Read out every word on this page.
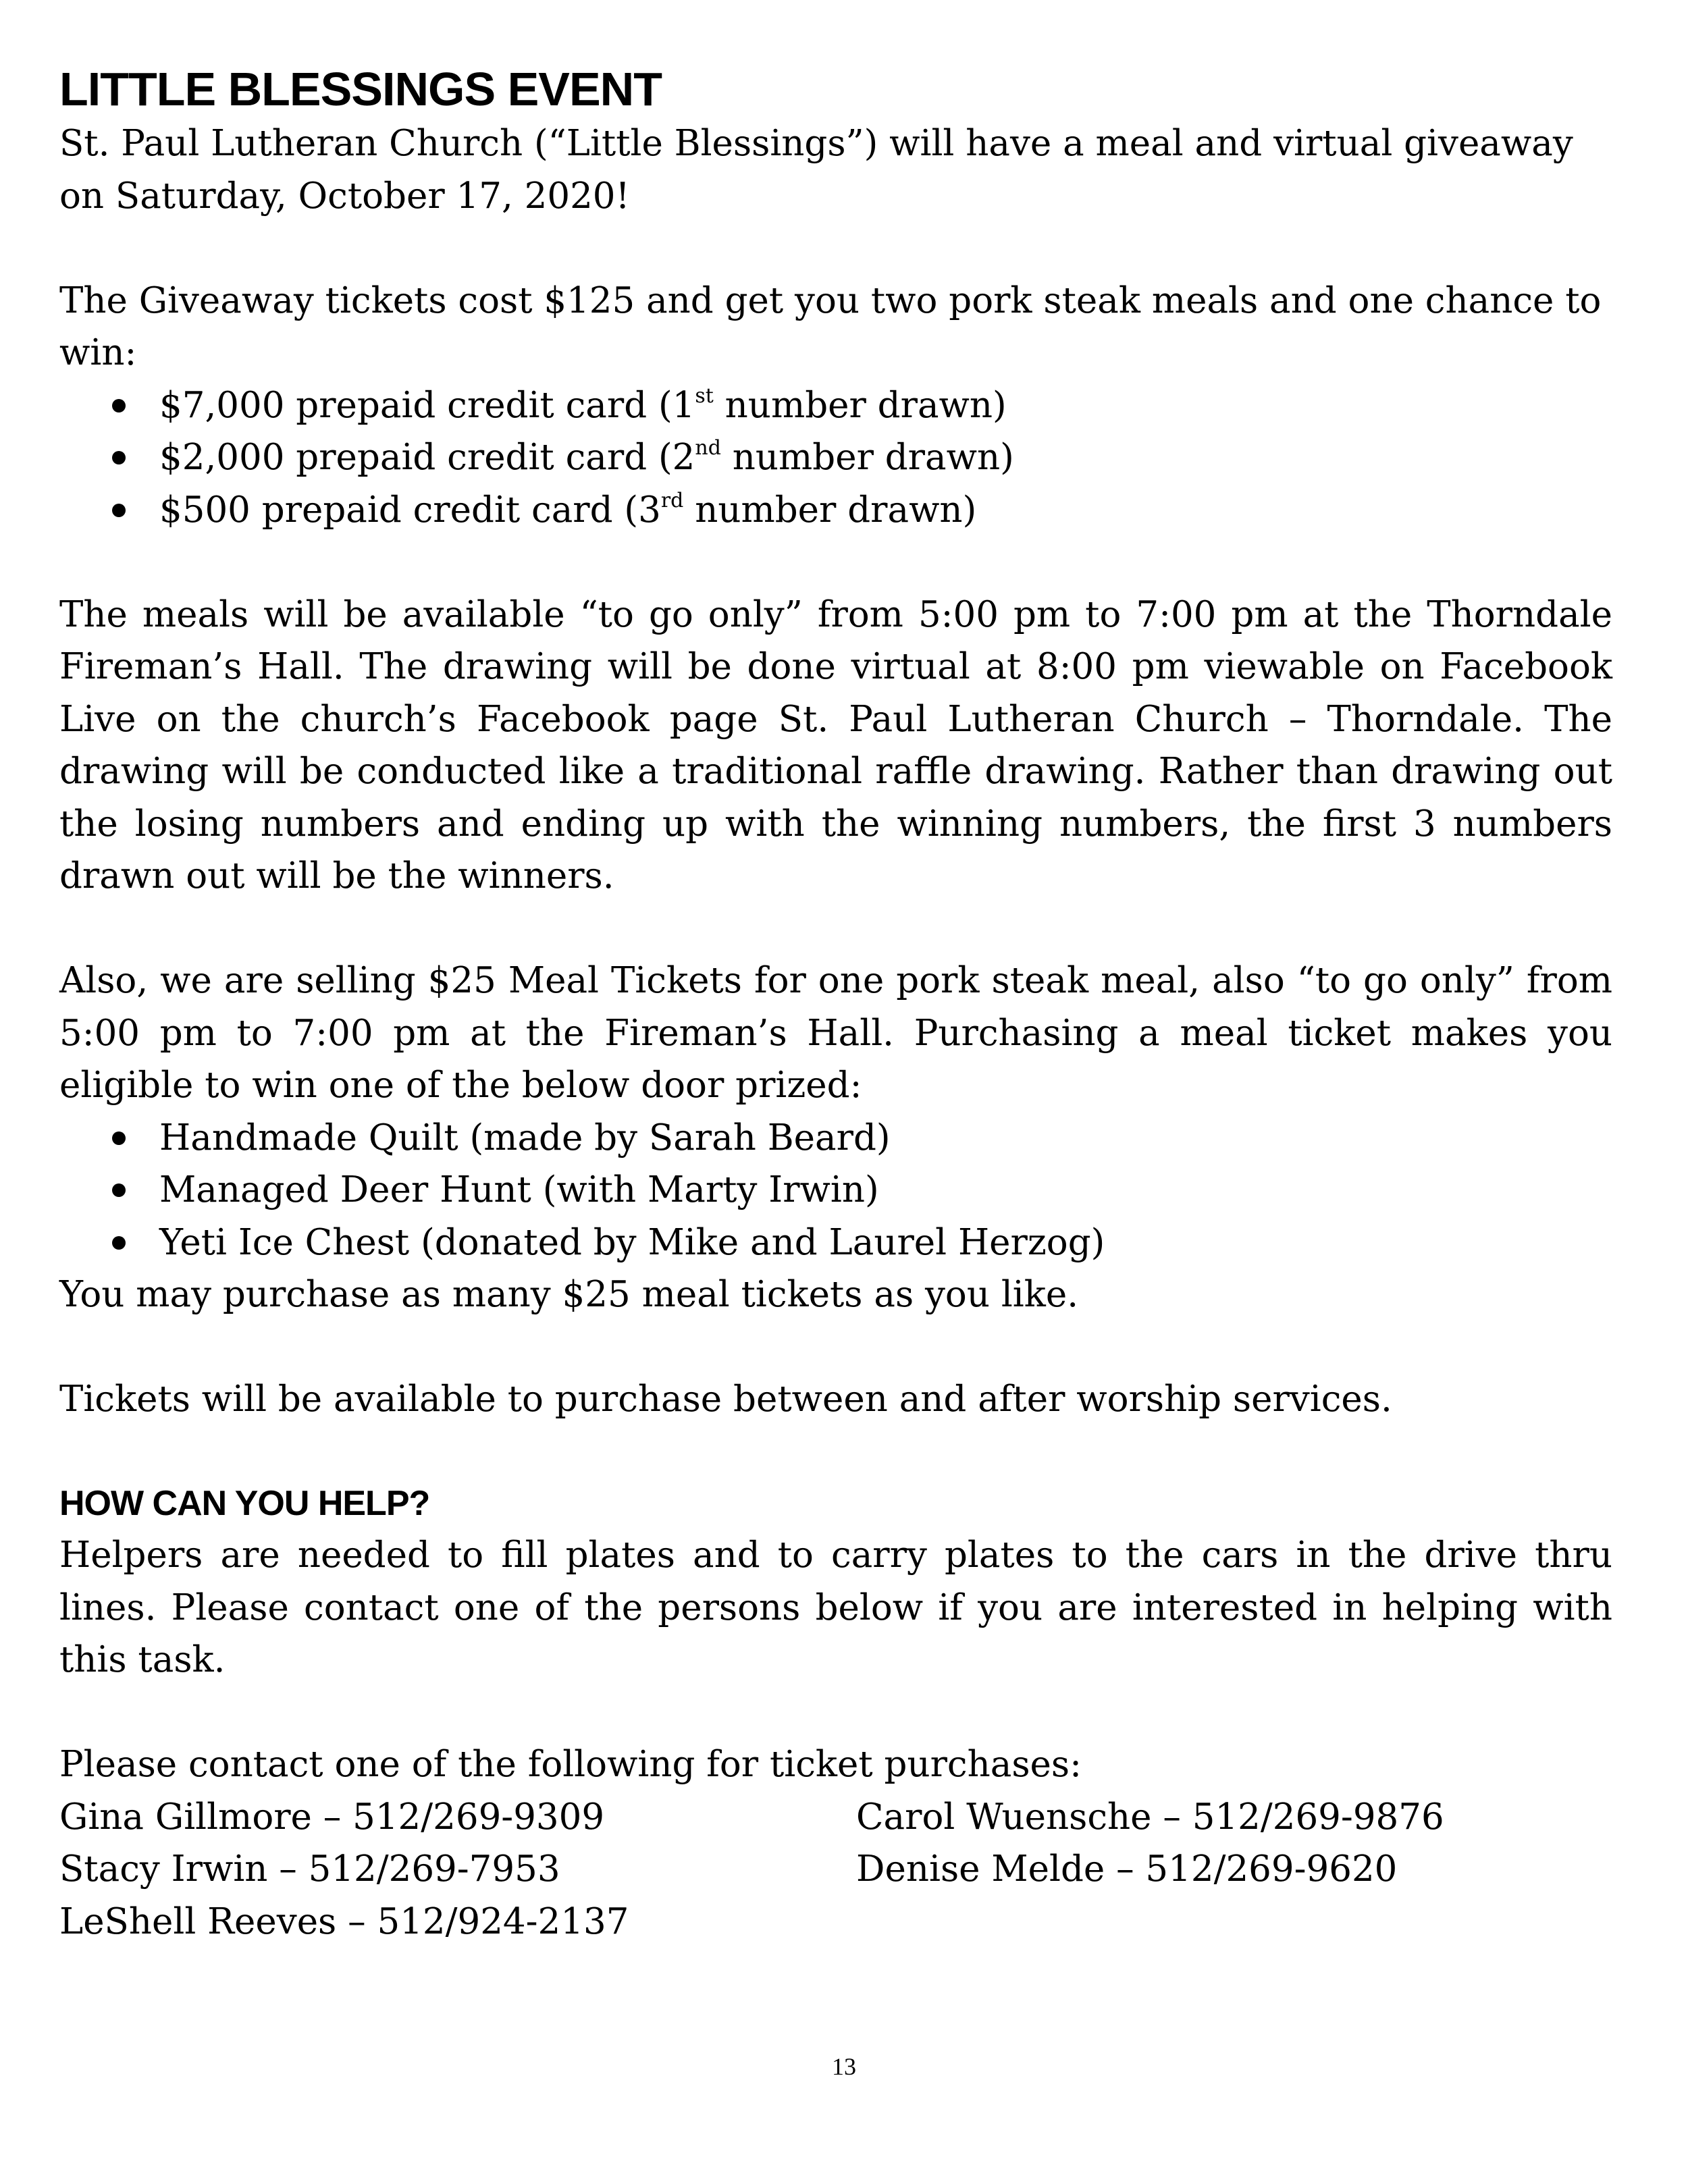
LITTLE BLESSINGS EVENT

St. Paul Lutheran Church (“Little Blessings”) will have a meal and virtual giveaway on Saturday, October 17, 2020!

The Giveaway tickets cost $125 and get you two pork steak meals and one chance to win:

$7,000 prepaid credit card (1st number drawn)
$2,000 prepaid credit card (2nd number drawn)
$500 prepaid credit card (3rd number drawn)

The meals will be available “to go only” from 5:00 pm to 7:00 pm at the Thorndale Fireman’s Hall. The drawing will be done virtual at 8:00 pm viewable on Facebook Live on the church’s Facebook page St. Paul Lutheran Church – Thorndale. The drawing will be conducted like a traditional raffle drawing. Rather than drawing out the losing numbers and ending up with the winning numbers, the first 3 numbers drawn out will be the winners.

Also, we are selling $25 Meal Tickets for one pork steak meal, also “to go only” from 5:00 pm to 7:00 pm at the Fireman’s Hall. Purchasing a meal ticket makes you eligible to win one of the below door prized:

Handmade Quilt (made by Sarah Beard)
Managed Deer Hunt (with Marty Irwin)
Yeti Ice Chest (donated by Mike and Laurel Herzog)

You may purchase as many $25 meal tickets as you like.

Tickets will be available to purchase between and after worship services.

HOW CAN YOU HELP?

Helpers are needed to fill plates and to carry plates to the cars in the drive thru lines. Please contact one of the persons below if you are interested in helping with this task.

Please contact one of the following for ticket purchases:

Gina Gillmore – 512/269-9309	Carol Wuensche – 512/269-9876
Stacy Irwin – 512/269-7953	Denise Melde – 512/269-9620
LeShell Reeves – 512/924-2137
13
